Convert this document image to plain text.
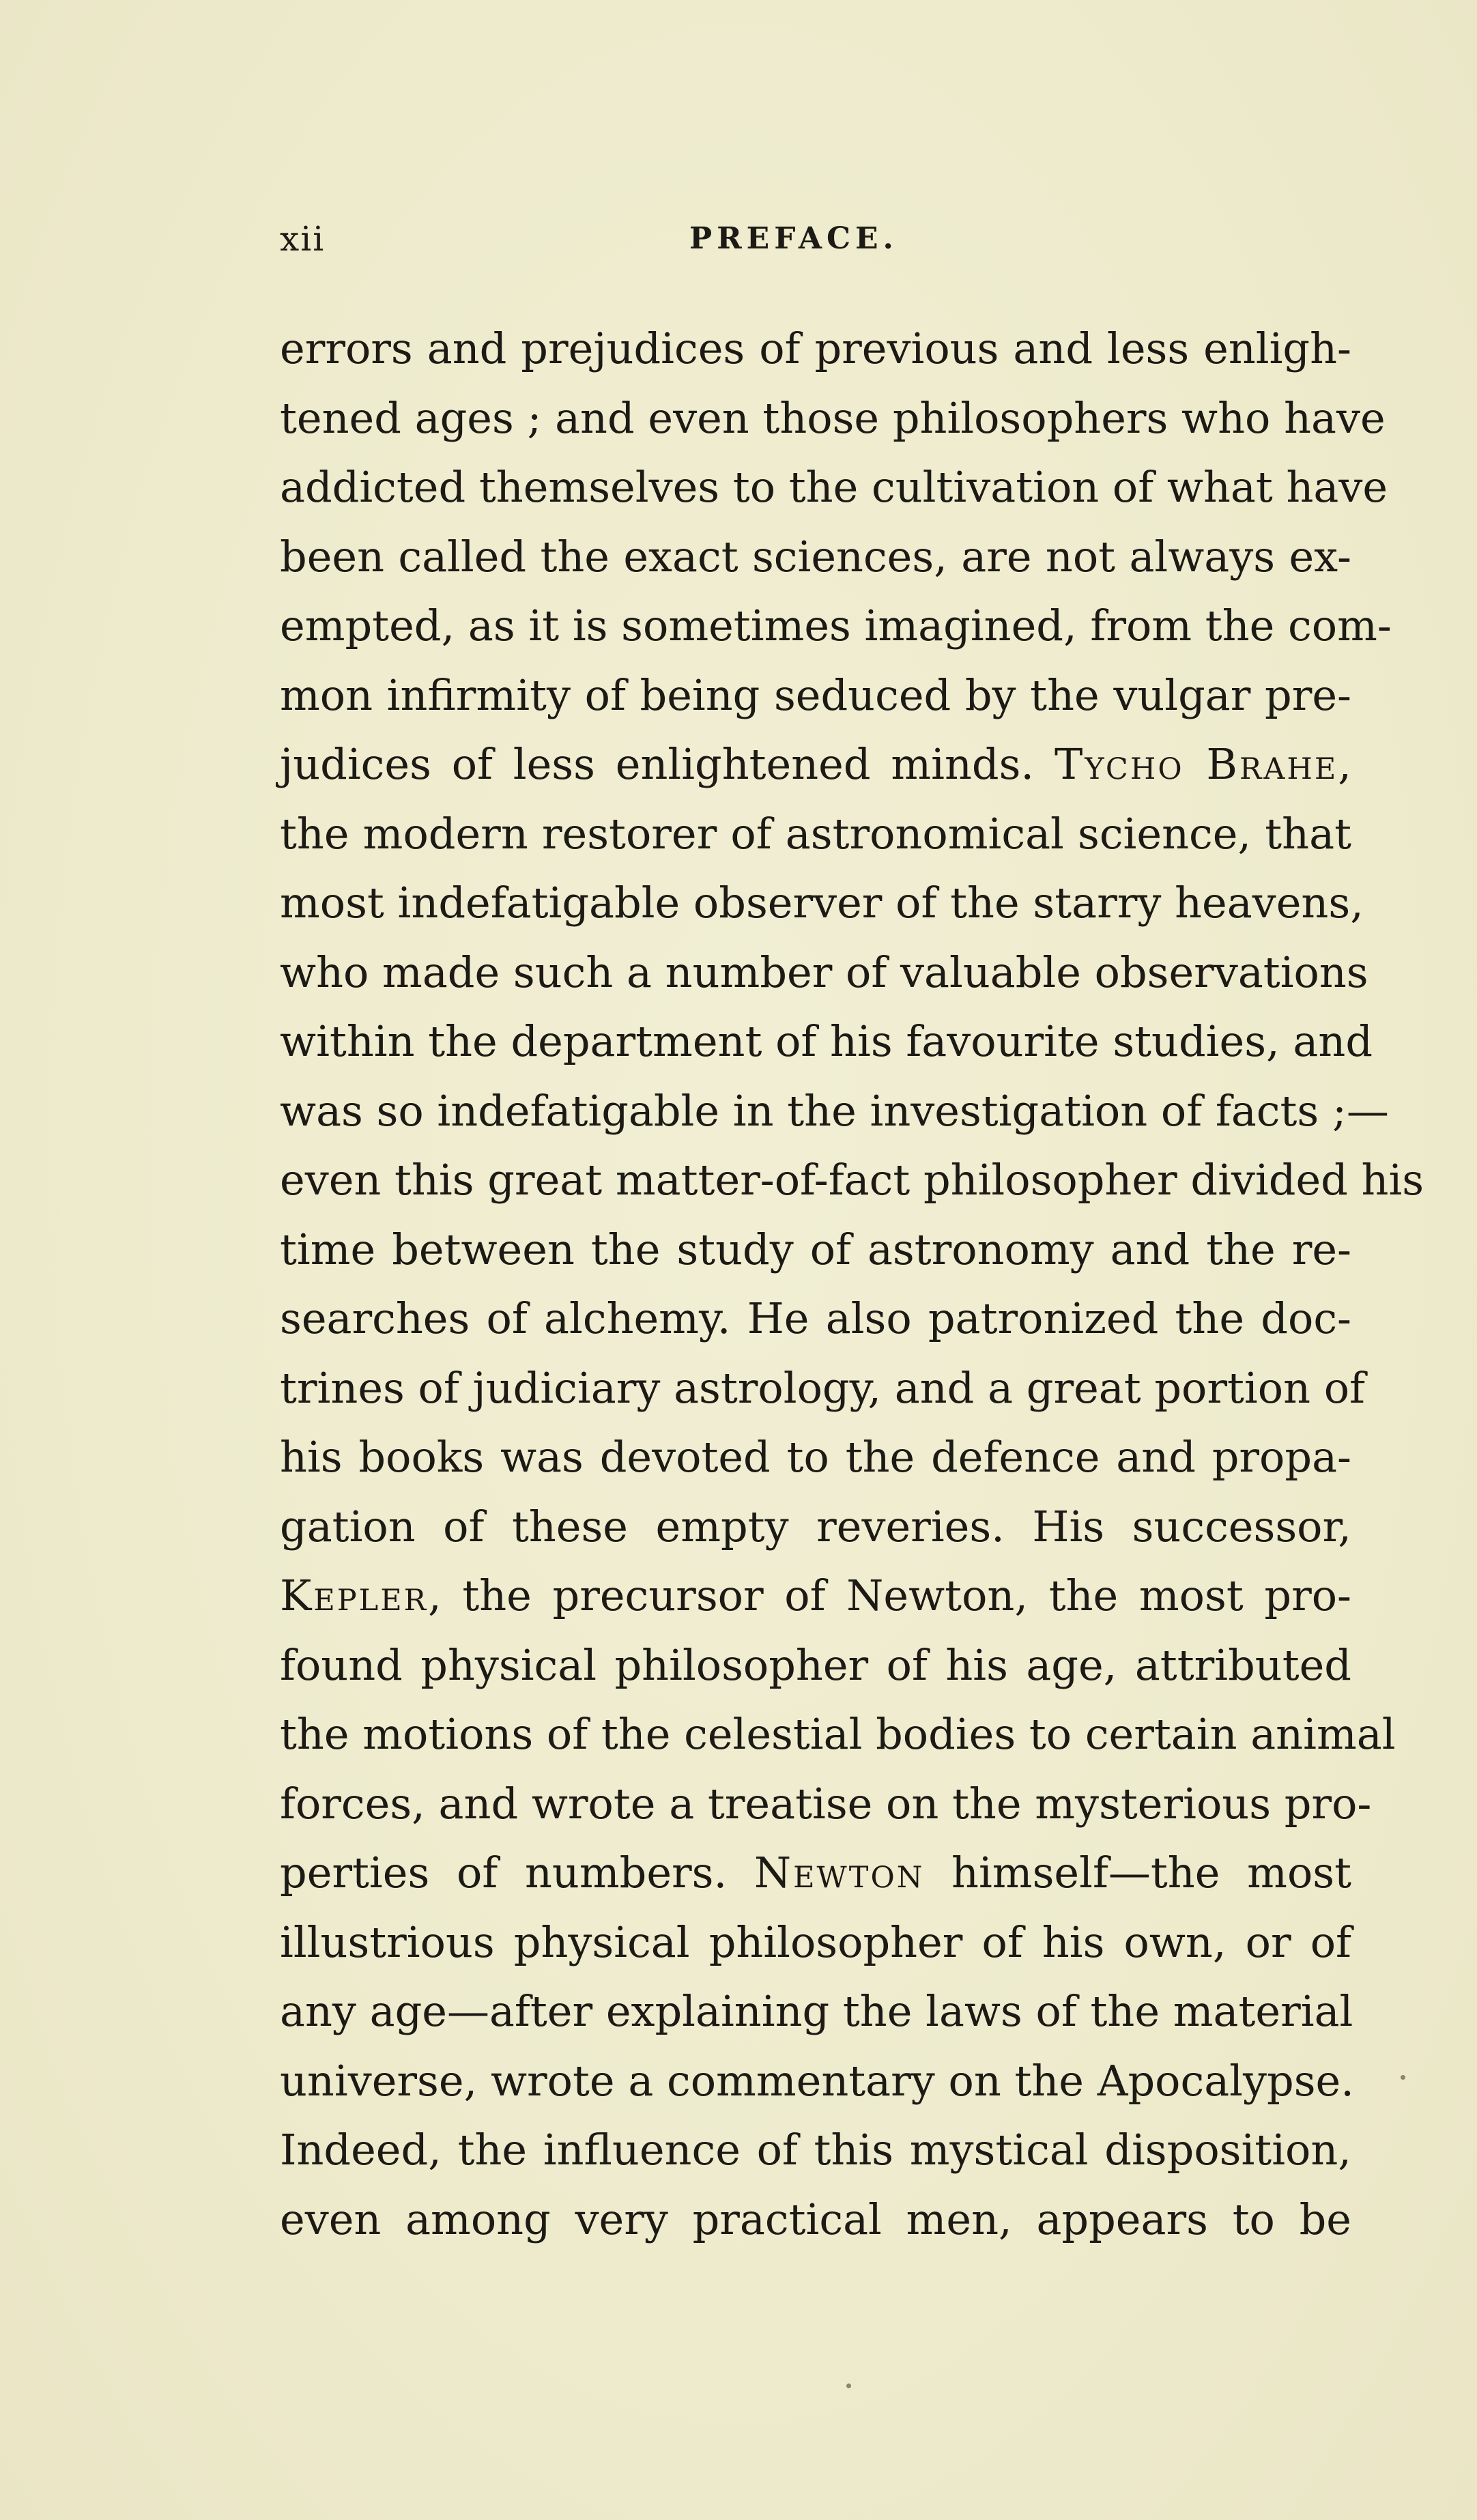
xii	PREFACE.
errors and prejudices of previous and less enligh-
tened ages ; and even those philosophers who have
addicted themselves to the cultivation of what have
been called the exact sciences, are not always ex-
empted, as it is sometimes imagined, from the com-
mon infirmity of being seduced by the vulgar pre-
judices of less enlightened minds. Tycho Brahe,
the modern restorer of astronomical science, that
most indefatigable observer of the starry heavens,
who made such a number of valuable observations
within the department of his favourite studies, and
was so indefatigable in the investigation of facts ;—
even this great matter-of-fact philosopher divided his
time between the study of astronomy and the re-
searches of alchemy. He also patronized the doc-
trines of judiciary astrology, and a great portion of
his books was devoted to the defence and propa-
gation of these empty reveries. His successor,
Kepler, the precursor of Newton, the most pro-
found physical philosopher of his age, attributed
the motions of the celestial bodies to certain animal
forces, and wrote a treatise on the mysterious pro-
perties of numbers. Newton himself—the most
illustrious physical philosopher of his own, or of
any age—after explaining the laws of the material
universe, wrote a commentary on the Apocalypse.
Indeed, the influence of this mystical disposition,
even among very practical men, appears to be
